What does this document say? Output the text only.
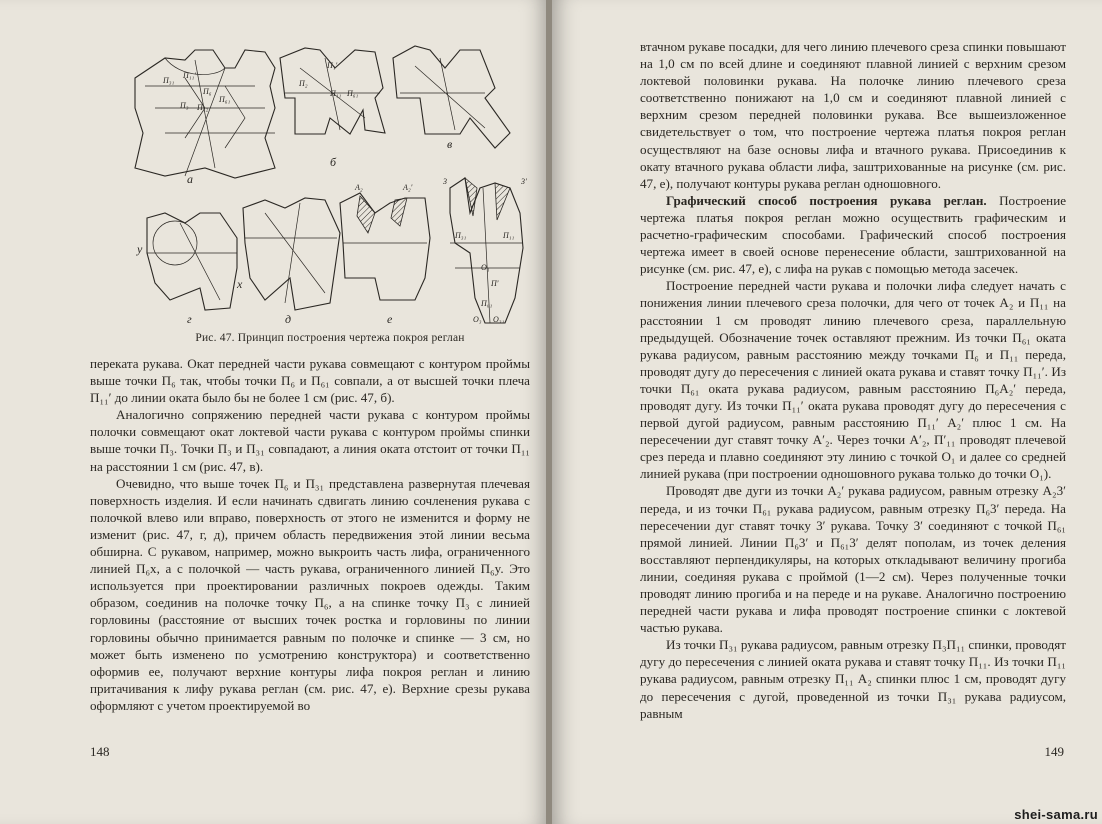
П₃₁
П₁₁′
П₆
П₆₁
П₃ П₁₂
а
П₂
П₁′
П₁₁ П₆₁
б
в
y
x
г	д
A₂	A₂′
е
3	3′
О₁
П₀₁
О₃ О₃₁
П′
П₃₁	П₁₁
Рис. 47. Принцип построения чертежа покроя реглан

переката рукава. Окат передней части рукава совмещают с контуром проймы выше точки П₆ так, чтобы точки П₆ и П₆₁ совпали, а от высшей точки плеча П₁₁′ до линии оката было бы не более 1 см (рис. 47, б).

Аналогично сопряжению передней части рукава с контуром проймы полочки совмещают окат локтевой части рукава с контуром проймы спинки выше точки П₃. Точки П₃ и П₃₁ совпадают, а линия оката отстоит от точки П₁₁ на расстоянии 1 см (рис. 47, в).

Очевидно, что выше точек П₆ и П₃₁ представлена развернутая плечевая поверхность изделия. И если начинать сдвигать линию сочленения рукава с полочкой влево или вправо, поверхность от этого не изменится и форму не изменит (рис. 47, г, д), причем область передвижения этой линии весьма обширна. С рукавом, например, можно выкроить часть лифа, ограниченного линией П₆x, а с полочкой — часть рукава, ограниченного линией П₆y. Это используется при проектировании различных покроев одежды. Таким образом, соединив на полочке точку П₆, а на спинке точку П₃ с линией горловины (расстояние от высших точек ростка и горловины по линии горловины обычно принимается равным по полочке и спинке — 3 см, но может быть изменено по усмотрению конструктора) и соответственно оформив ее, получают верхние контуры лифа покроя реглан и линию притачивания к лифу рукава реглан (см. рис. 47, е). Верхние срезы рукава оформляют с учетом проектируемой во

148

втачном рукаве посадки, для чего линию плечевого среза спинки повышают на 1,0 см по всей длине и соединяют плавной линией с верхним срезом локтевой половинки рукава. На полочке линию плечевого среза соответственно понижают на 1,0 см и соединяют плавной линией с верхним срезом передней половинки рукава. Все вышеизложенное свидетельствует о том, что построение чертежа платья покроя реглан осуществляют на базе основы лифа и втачного рукава. Присоединив к окату втачного рукава области лифа, заштрихованные на рисунке (см. рис. 47, е), получают контуры рукава реглан одношовного.

Графический способ построения рукава реглан. Построение чертежа платья покроя реглан можно осуществить графическим и расчетно-графическим способами. Графический способ построения чертежа имеет в своей основе перенесение области, заштрихованной на рисунке (см. рис. 47, е), с лифа на рукав с помощью метода засечек.

Построение передней части рукава и полочки лифа следует начать с понижения линии плечевого среза полочки, для чего от точек A₂ и П₁₁ на расстоянии 1 см проводят линию плечевого среза, параллельную предыдущей. Обозначение точек оставляют прежним. Из точки П₆₁ оката рукава радиусом, равным расстоянию между точками П₆ и П₁₁ переда, проводят дугу до пересечения с линией оката рукава и ставят точку П₁₁′. Из точки П₆₁ оката рукава радиусом, равным расстоянию П₆A₂′ переда, проводят дугу. Из точки П₁₁′ оката рукава проводят дугу до пересечения с первой дугой радиусом, равным расстоянию П₁₁′ A₂′ плюс 1 см. На пересечении дуг ставят точку A′₂. Через точки A′₂, П′₁₁ проводят плечевой срез переда и плавно соединяют эту линию с точкой O₁ и далее со средней линией рукава (при построении одношовного рукава только до точки O₁).

Проводят две дуги из точки A₂′ рукава радиусом, равным отрезку A₂3′ переда, и из точки П₆₁ рукава радиусом, равным отрезку П₆3′ переда. На пересечении дуг ставят точку 3′ рукава. Точку 3′ соединяют с точкой П₆₁ прямой линией. Линии П₆3′ и П₆₁3′ делят пополам, из точек деления восставляют перпендикуляры, на которых откладывают величину прогиба линии, соединяя рукава с проймой (1—2 см). Через полученные точки проводят линию прогиба и на переде и на рукаве. Аналогично построению передней части рукава и лифа проводят построение спинки с локтевой частью рукава.

Из точки П₃₁ рукава радиусом, равным отрезку П₃П₁₁ спинки, проводят дугу до пересечения с линией оката рукава и ставят точку П₁₁. Из точки П₁₁ рукава радиусом, равным отрезку П₁₁ A₂ спинки плюс 1 см, проводят дугу до пересечения с дугой, проведенной из точки П₃₁ рукава радиусом, равным

149
shei-sama.ru
